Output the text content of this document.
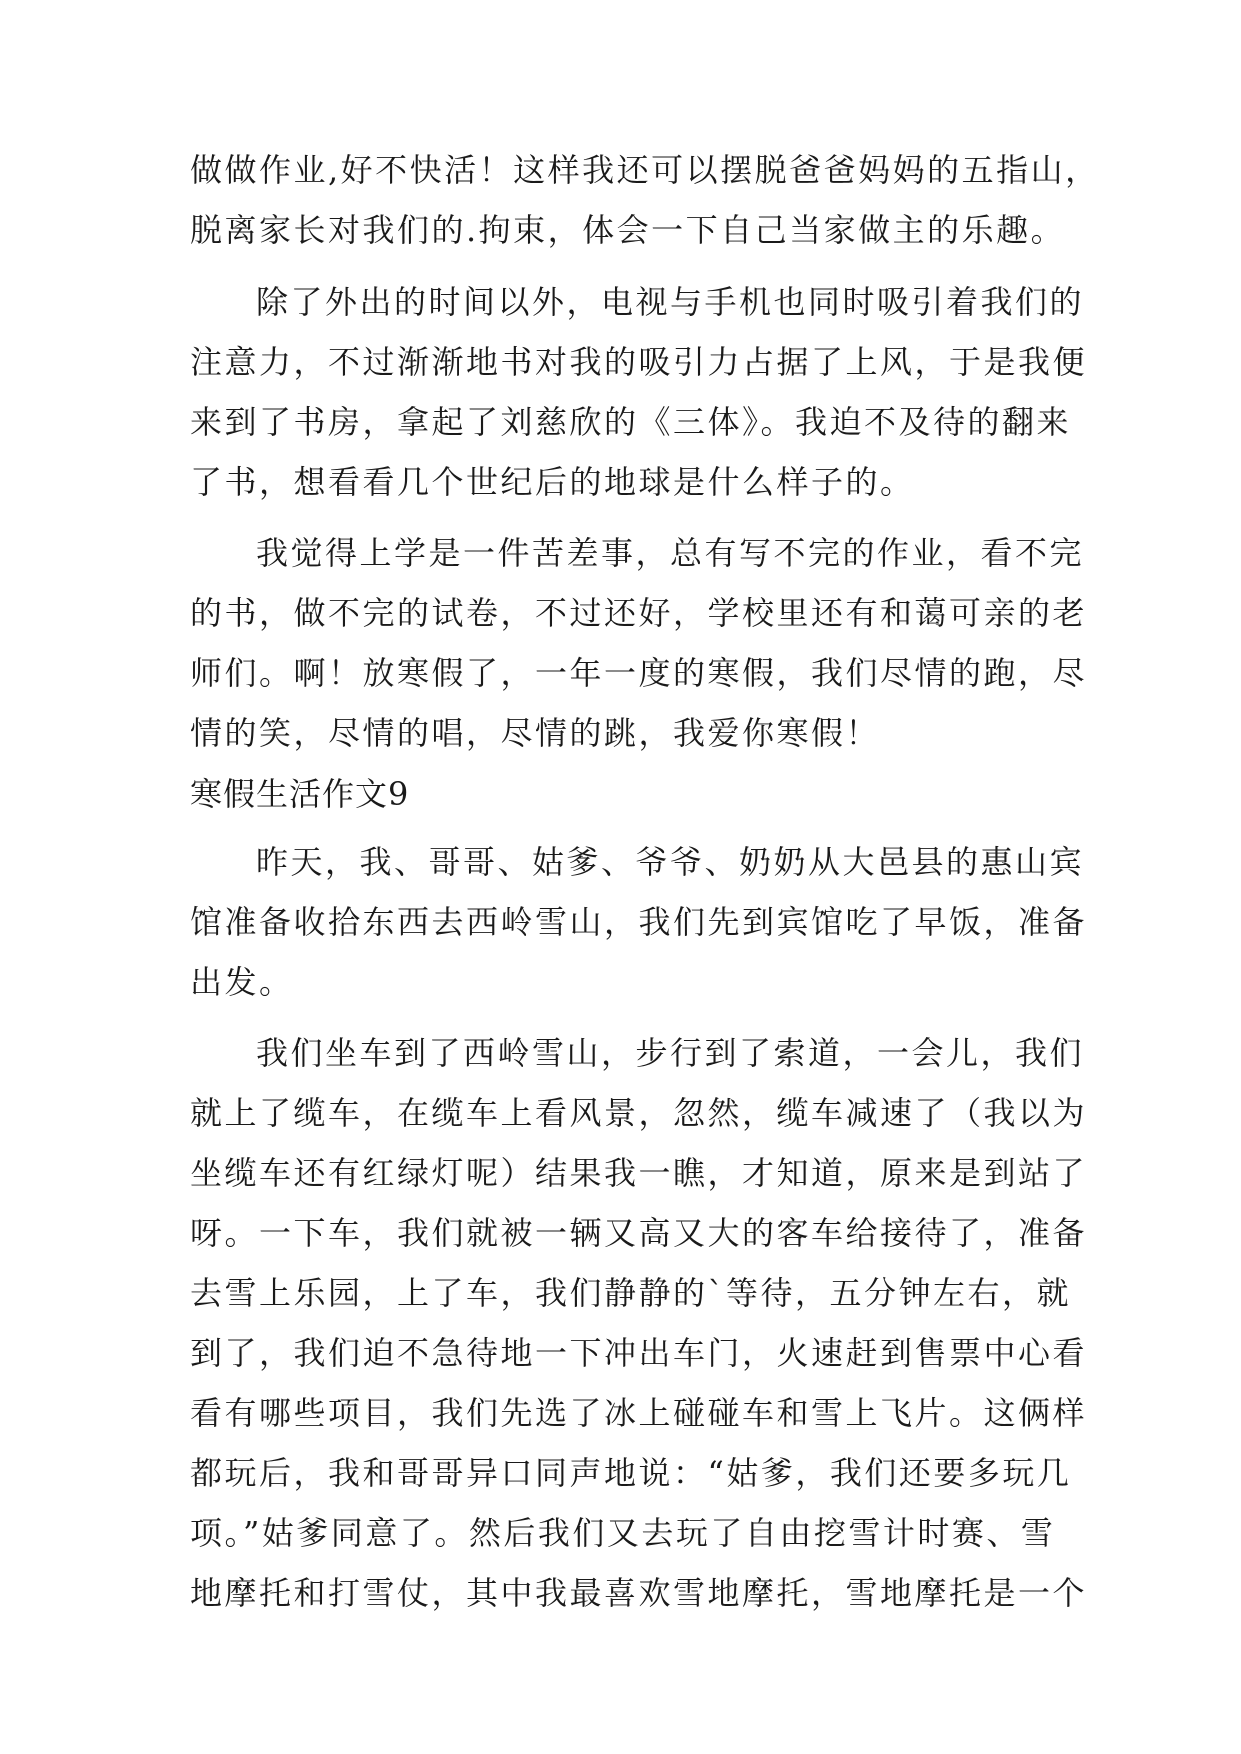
做做作业,好不快活！这样我还可以摆脱爸爸妈妈的五指山，
脱离家长对我们的.拘束，体会一下自己当家做主的乐趣。
除了外出的时间以外，电视与手机也同时吸引着我们的
注意力，不过渐渐地书对我的吸引力占据了上风，于是我便
来到了书房，拿起了刘慈欣的《三体》。我迫不及待的翻来
了书，想看看几个世纪后的地球是什么样子的。
我觉得上学是一件苦差事，总有写不完的作业，看不完
的书，做不完的试卷，不过还好，学校里还有和蔼可亲的老
师们。啊！放寒假了，一年一度的寒假，我们尽情的跑，尽
情的笑，尽情的唱，尽情的跳，我爱你寒假！
寒假生活作文9
昨天，我、哥哥、姑爹、爷爷、奶奶从大邑县的惠山宾
馆准备收拾东西去西岭雪山，我们先到宾馆吃了早饭，准备
出发。
我们坐车到了西岭雪山，步行到了索道，一会儿，我们
就上了缆车，在缆车上看风景，忽然，缆车减速了（我以为
坐缆车还有红绿灯呢）结果我一瞧，才知道，原来是到站了
呀。一下车，我们就被一辆又高又大的客车给接待了，准备
去雪上乐园，上了车，我们静静的`等待，五分钟左右，就
到了，我们迫不急待地一下冲出车门，火速赶到售票中心看
看有哪些项目，我们先选了冰上碰碰车和雪上飞片。这俩样
都玩后，我和哥哥异口同声地说：“姑爹，我们还要多玩几
项。”姑爹同意了。然后我们又去玩了自由挖雪计时赛、雪
地摩托和打雪仗，其中我最喜欢雪地摩托，雪地摩托是一个
